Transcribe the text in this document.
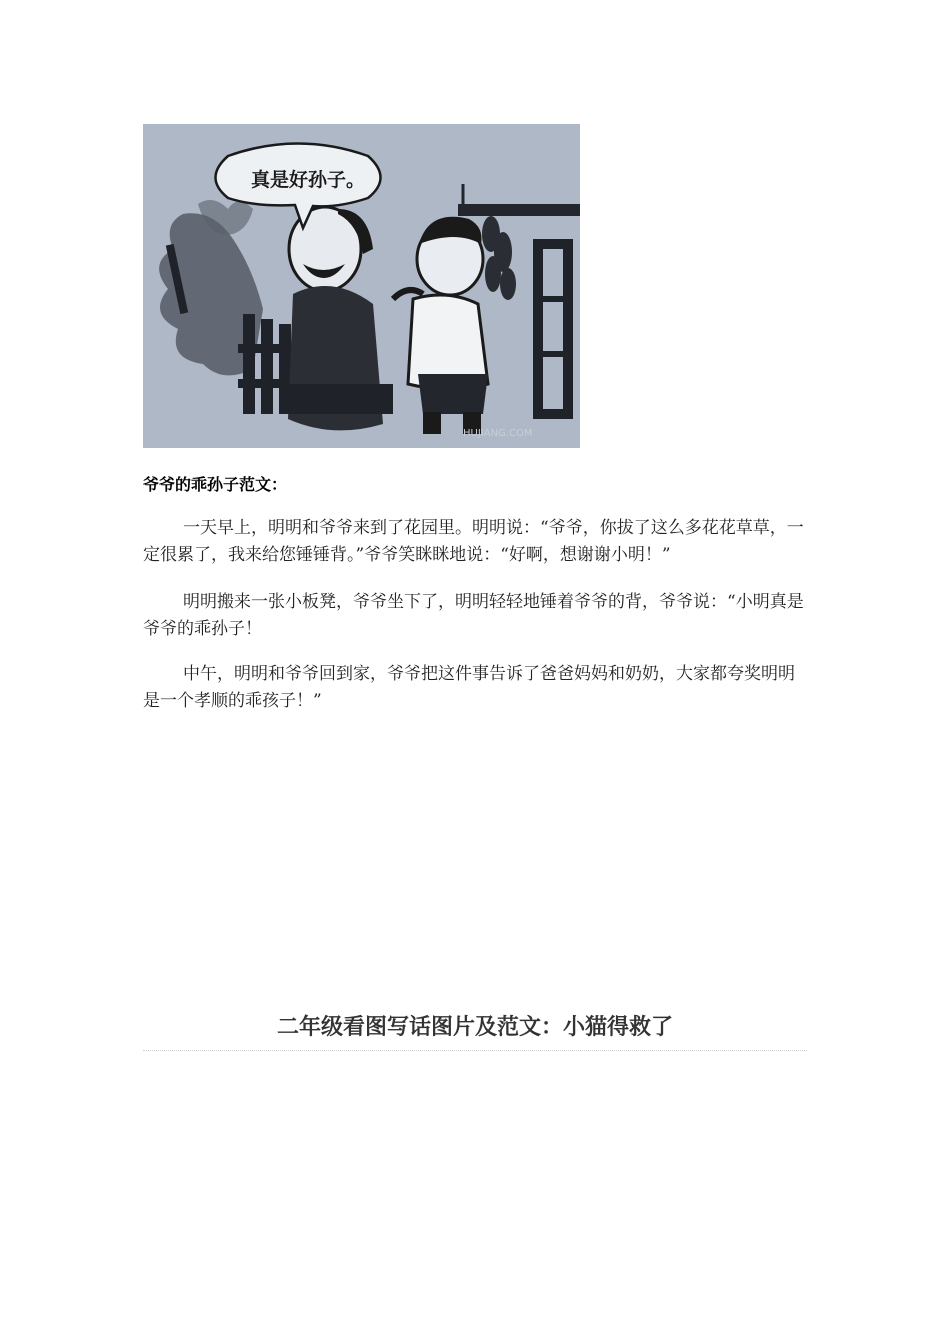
真是好孙子。
HUJIANG.COM
爷爷的乖孙子范文：

一天早上，明明和爷爷来到了花园里。明明说：“爷爷，你拔了这么多花花草草，一定很累了，我来给您锤锤背。”爷爷笑眯眯地说：“好啊，想谢谢小明！”

明明搬来一张小板凳，爷爷坐下了，明明轻轻地锤着爷爷的背，爷爷说：“小明真是爷爷的乖孙子！

中午，明明和爷爷回到家，爷爷把这件事告诉了爸爸妈妈和奶奶，大家都夸奖明明是一个孝顺的乖孩子！”

二年级看图写话图片及范文：小猫得救了
